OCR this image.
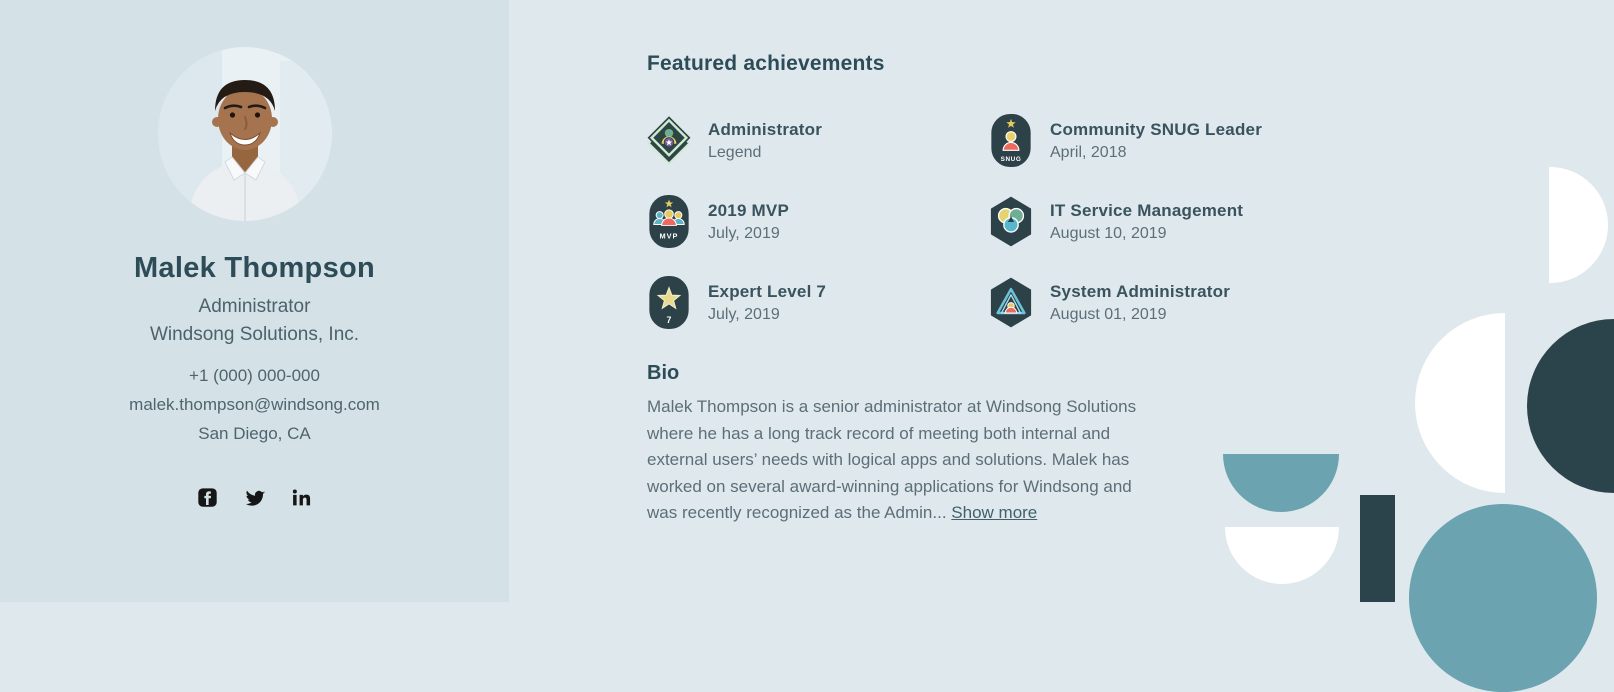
Malek Thompson
Administrator
Windsong Solutions, Inc.
+1 (000) 000-000
malek.thompson@windsong.com
San Diego, CA
Featured achievements
Administrator
Legend
Community SNUG Leader
April, 2018
2019 MVP
July, 2019
IT Service Management
August 10, 2019
Expert Level 7
July, 2019
System Administrator
August 01, 2019
Bio

Malek Thompson is a senior administrator at Windsong Solutions where he has a long track record of meeting both internal and external users’ needs with logical apps and solutions. Malek has worked on several award-winning applications for Windsong and was recently recognized as the Admin... Show more
